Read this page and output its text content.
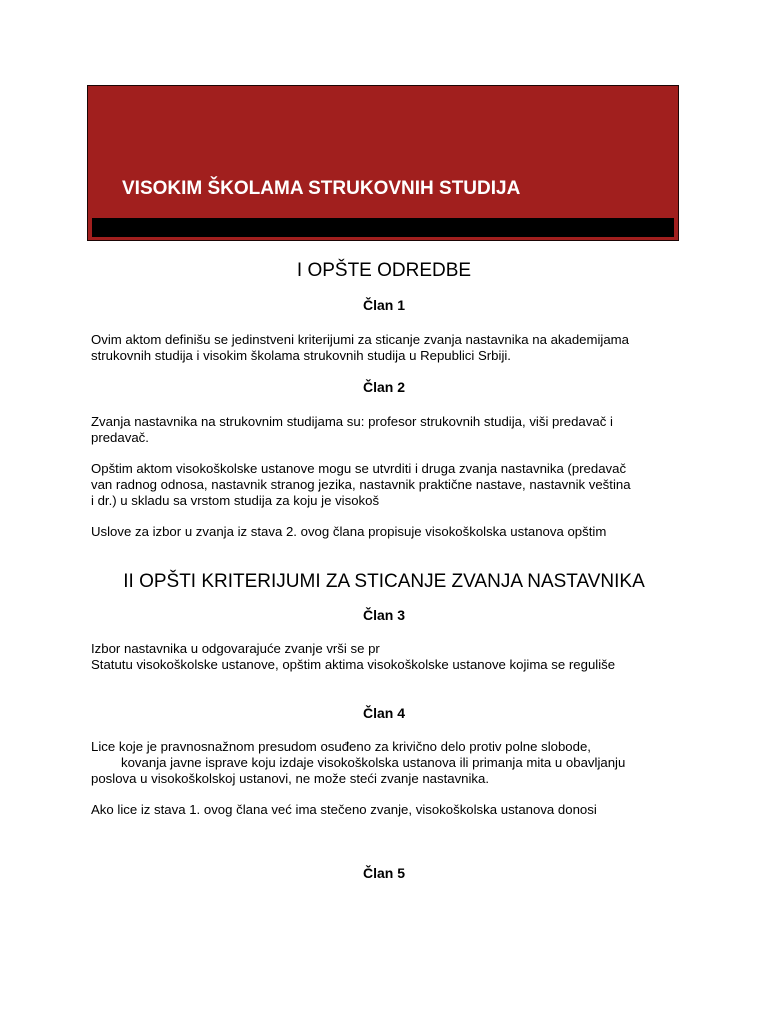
VISOKIM ŠKOLAMA STRUKOVNIH STUDIJA
I OPŠTE ODREDBE
Član 1
Ovim aktom definišu se jedinstveni kriterijumi za sticanje zvanja nastavnika na akademijama
strukovnih studija i visokim školama strukovnih studija u Republici Srbiji.
Član 2
Zvanja nastavnika na strukovnim studijama su: profesor strukovnih studija, viši predavač i
predavač.
Opštim aktom visokoškolske ustanove mogu se utvrditi i druga zvanja nastavnika (predavač
van radnog odnosa, nastavnik stranog jezika, nastavnik praktične nastave, nastavnik veština
i dr.) u skladu sa vrstom studija za koju je visokoš
Uslove za izbor u zvanja iz stava 2. ovog člana propisuje visokoškolska ustanova opštim
II OPŠTI KRITERIJUMI ZA STICANJE ZVANJA NASTAVNIKA
Član 3
Izbor nastavnika u odgovarajuće zvanje vrši se pr
Statutu visokoškolske ustanove, opštim aktima visokoškolske ustanove kojima se reguliše
Član 4
Lice koje je pravnosnažnom presudom osuđeno za krivično delo protiv polne slobode,
kovanja javne isprave koju izdaje visokoškolska ustanova ili primanja mita u obavljanju
poslova u visokoškolskoj ustanovi, ne može steći zvanje nastavnika.
Ako lice iz stava 1. ovog člana već ima stečeno zvanje, visokoškolska ustanova donosi
Član 5
